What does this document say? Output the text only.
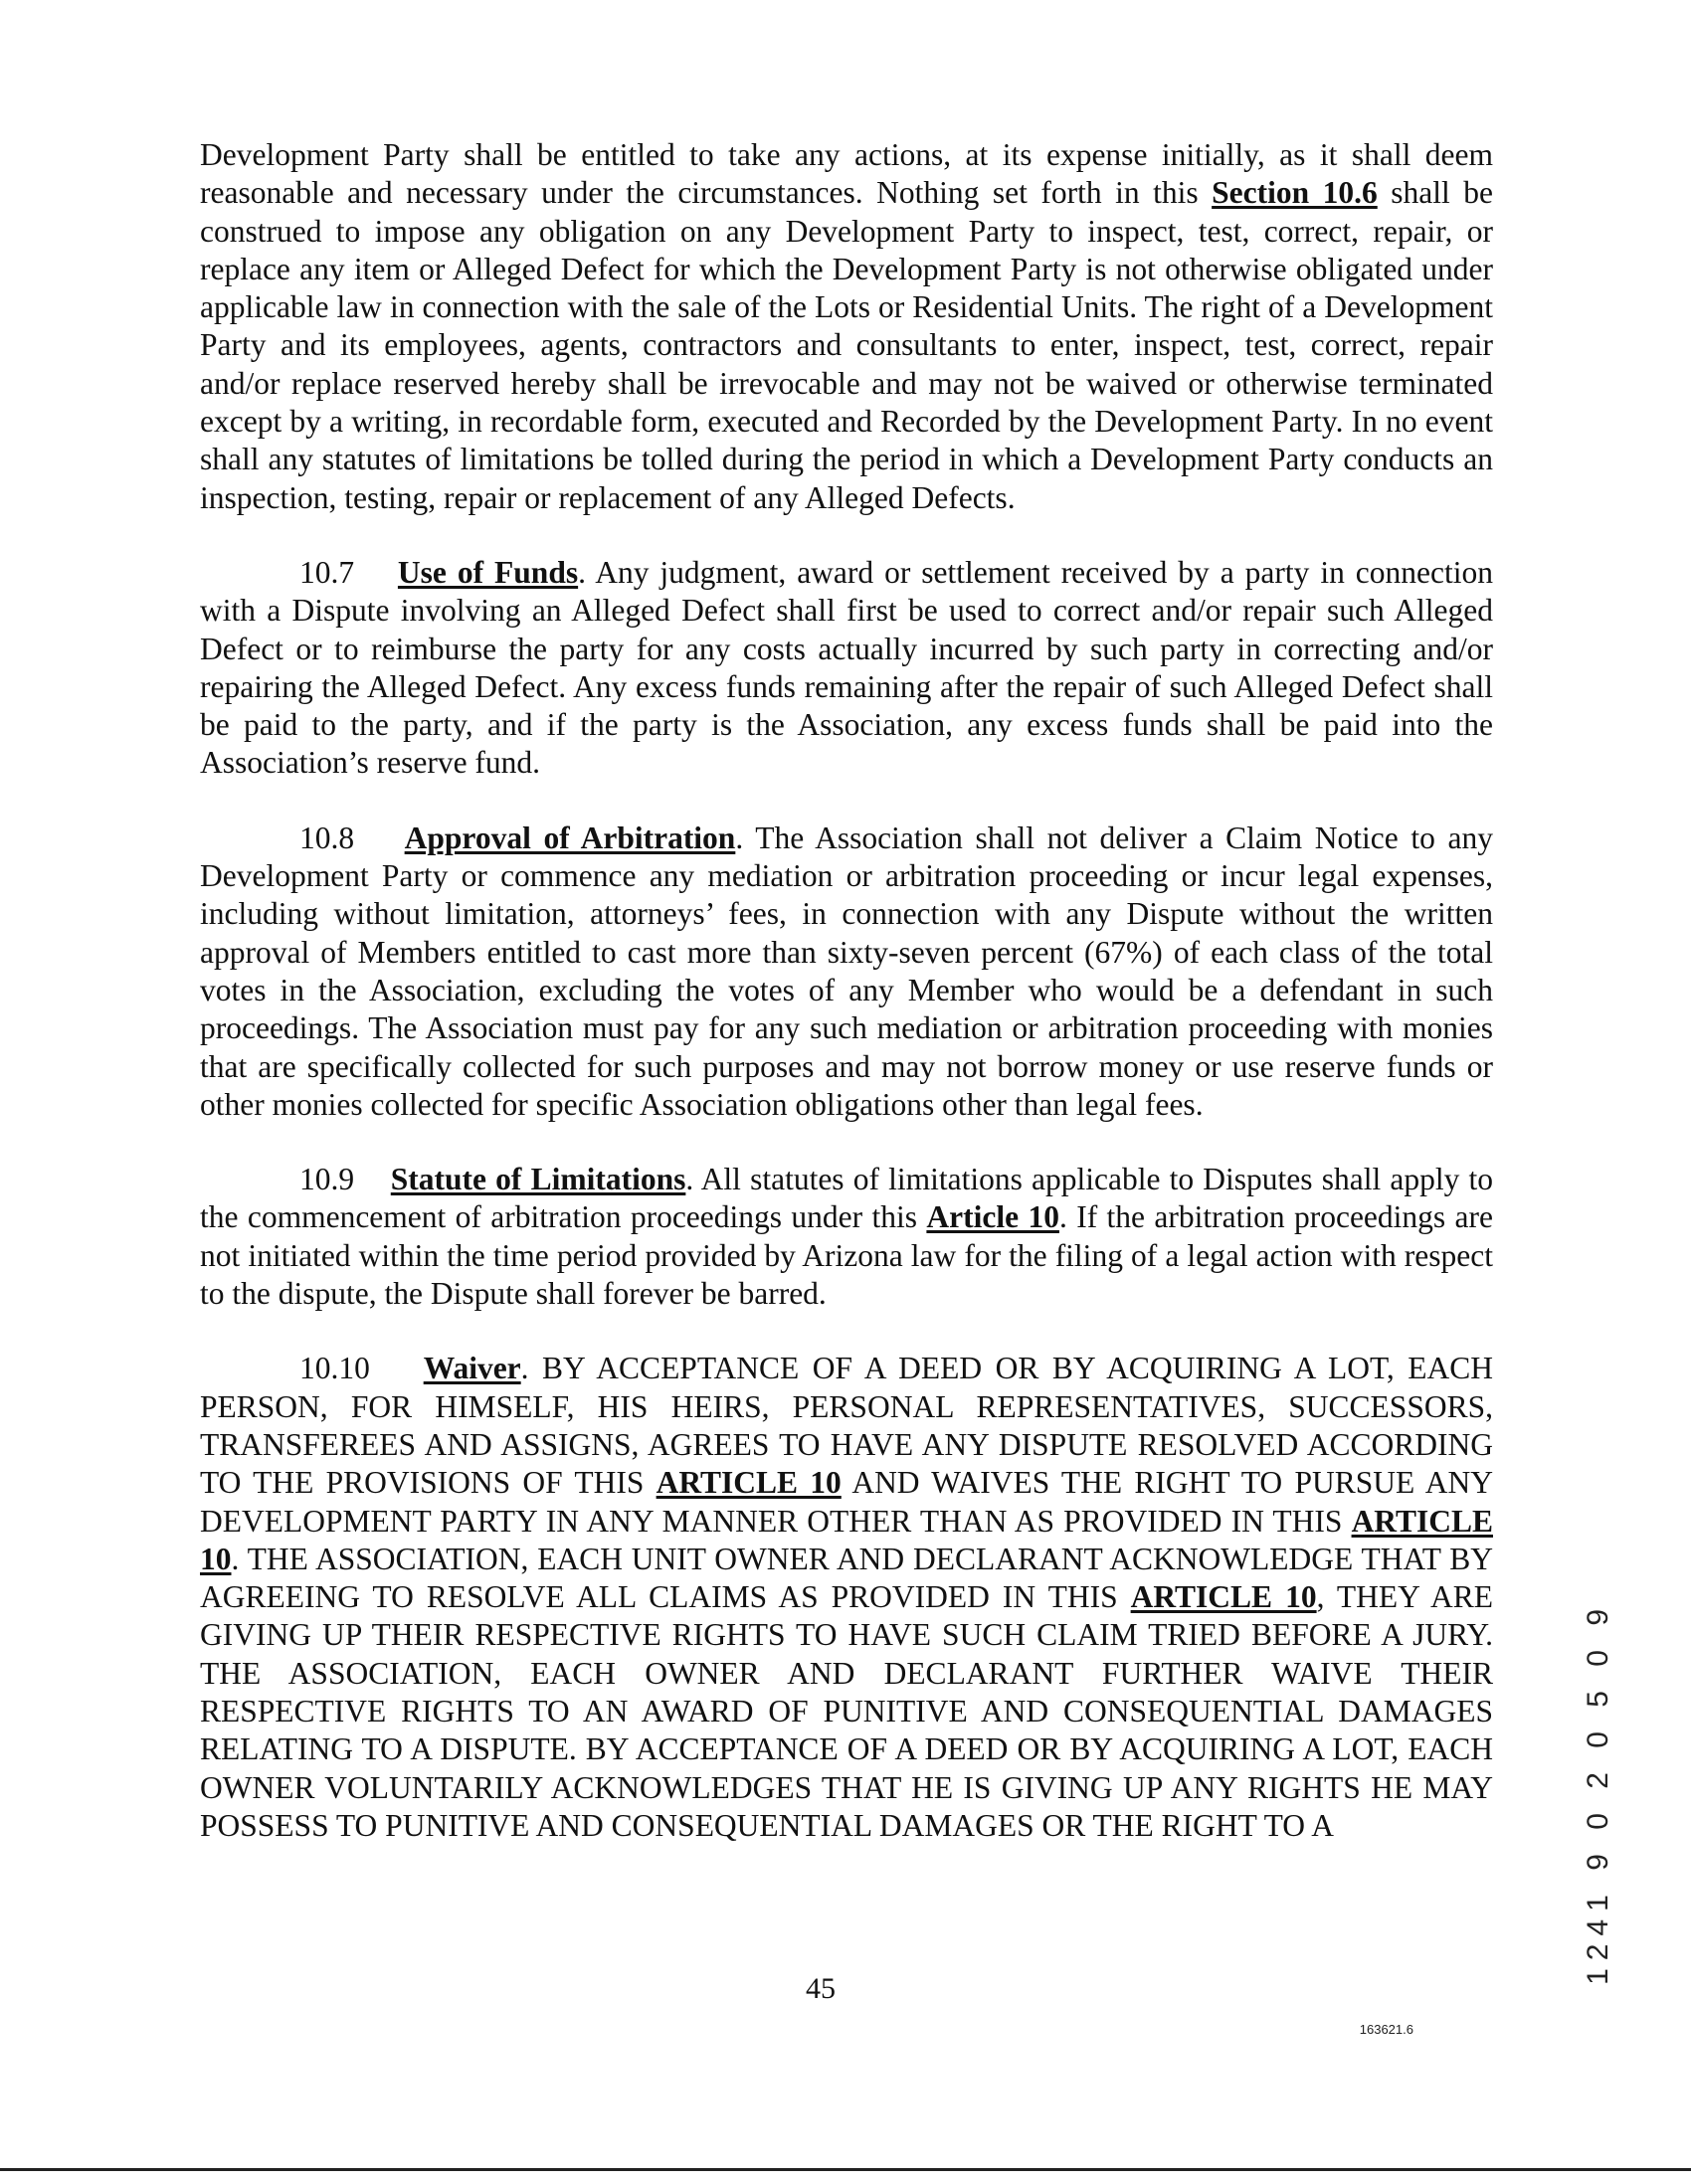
Development Party shall be entitled to take any actions, at its expense initially, as it shall deem reasonable and necessary under the circumstances. Nothing set forth in this Section 10.6 shall be construed to impose any obligation on any Development Party to inspect, test, correct, repair, or replace any item or Alleged Defect for which the Development Party is not otherwise obligated under applicable law in connection with the sale of the Lots or Residential Units. The right of a Development Party and its employees, agents, contractors and consultants to enter, inspect, test, correct, repair and/or replace reserved hereby shall be irrevocable and may not be waived or otherwise terminated except by a writing, in recordable form, executed and Recorded by the Development Party. In no event shall any statutes of limitations be tolled during the period in which a Development Party conducts an inspection, testing, repair or replacement of any Alleged Defects.

10.7 Use of Funds. Any judgment, award or settlement received by a party in connection with a Dispute involving an Alleged Defect shall first be used to correct and/or repair such Alleged Defect or to reimburse the party for any costs actually incurred by such party in correcting and/or repairing the Alleged Defect. Any excess funds remaining after the repair of such Alleged Defect shall be paid to the party, and if the party is the Association, any excess funds shall be paid into the Association’s reserve fund.

10.8 Approval of Arbitration. The Association shall not deliver a Claim Notice to any Development Party or commence any mediation or arbitration proceeding or incur legal expenses, including without limitation, attorneys’ fees, in connection with any Dispute without the written approval of Members entitled to cast more than sixty-seven percent (67%) of each class of the total votes in the Association, excluding the votes of any Member who would be a defendant in such proceedings. The Association must pay for any such mediation or arbitration proceeding with monies that are specifically collected for such purposes and may not borrow money or use reserve funds or other monies collected for specific Association obligations other than legal fees.

10.9 Statute of Limitations. All statutes of limitations applicable to Disputes shall apply to the commencement of arbitration proceedings under this Article 10. If the arbitration proceedings are not initiated within the time period provided by Arizona law for the filing of a legal action with respect to the dispute, the Dispute shall forever be barred.

10.10 Waiver. BY ACCEPTANCE OF A DEED OR BY ACQUIRING A LOT, EACH PERSON, FOR HIMSELF, HIS HEIRS, PERSONAL REPRESENTATIVES, SUCCESSORS, TRANSFEREES AND ASSIGNS, AGREES TO HAVE ANY DISPUTE RESOLVED ACCORDING TO THE PROVISIONS OF THIS ARTICLE 10 AND WAIVES THE RIGHT TO PURSUE ANY DEVELOPMENT PARTY IN ANY MANNER OTHER THAN AS PROVIDED IN THIS ARTICLE 10. THE ASSOCIATION, EACH UNIT OWNER AND DECLARANT ACKNOWLEDGE THAT BY AGREEING TO RESOLVE ALL CLAIMS AS PROVIDED IN THIS ARTICLE 10, THEY ARE GIVING UP THEIR RESPECTIVE RIGHTS TO HAVE SUCH CLAIM TRIED BEFORE A JURY. THE ASSOCIATION, EACH OWNER AND DECLARANT FURTHER WAIVE THEIR RESPECTIVE RIGHTS TO AN AWARD OF PUNITIVE AND CONSEQUENTIAL DAMAGES RELATING TO A DISPUTE. BY ACCEPTANCE OF A DEED OR BY ACQUIRING A LOT, EACH OWNER VOLUNTARILY ACKNOWLEDGES THAT HE IS GIVING UP ANY RIGHTS HE MAY POSSESS TO PUNITIVE AND CONSEQUENTIAL DAMAGES OR THE RIGHT TO A	1241 9 0 2 0 5 0 9
45
163621.6
